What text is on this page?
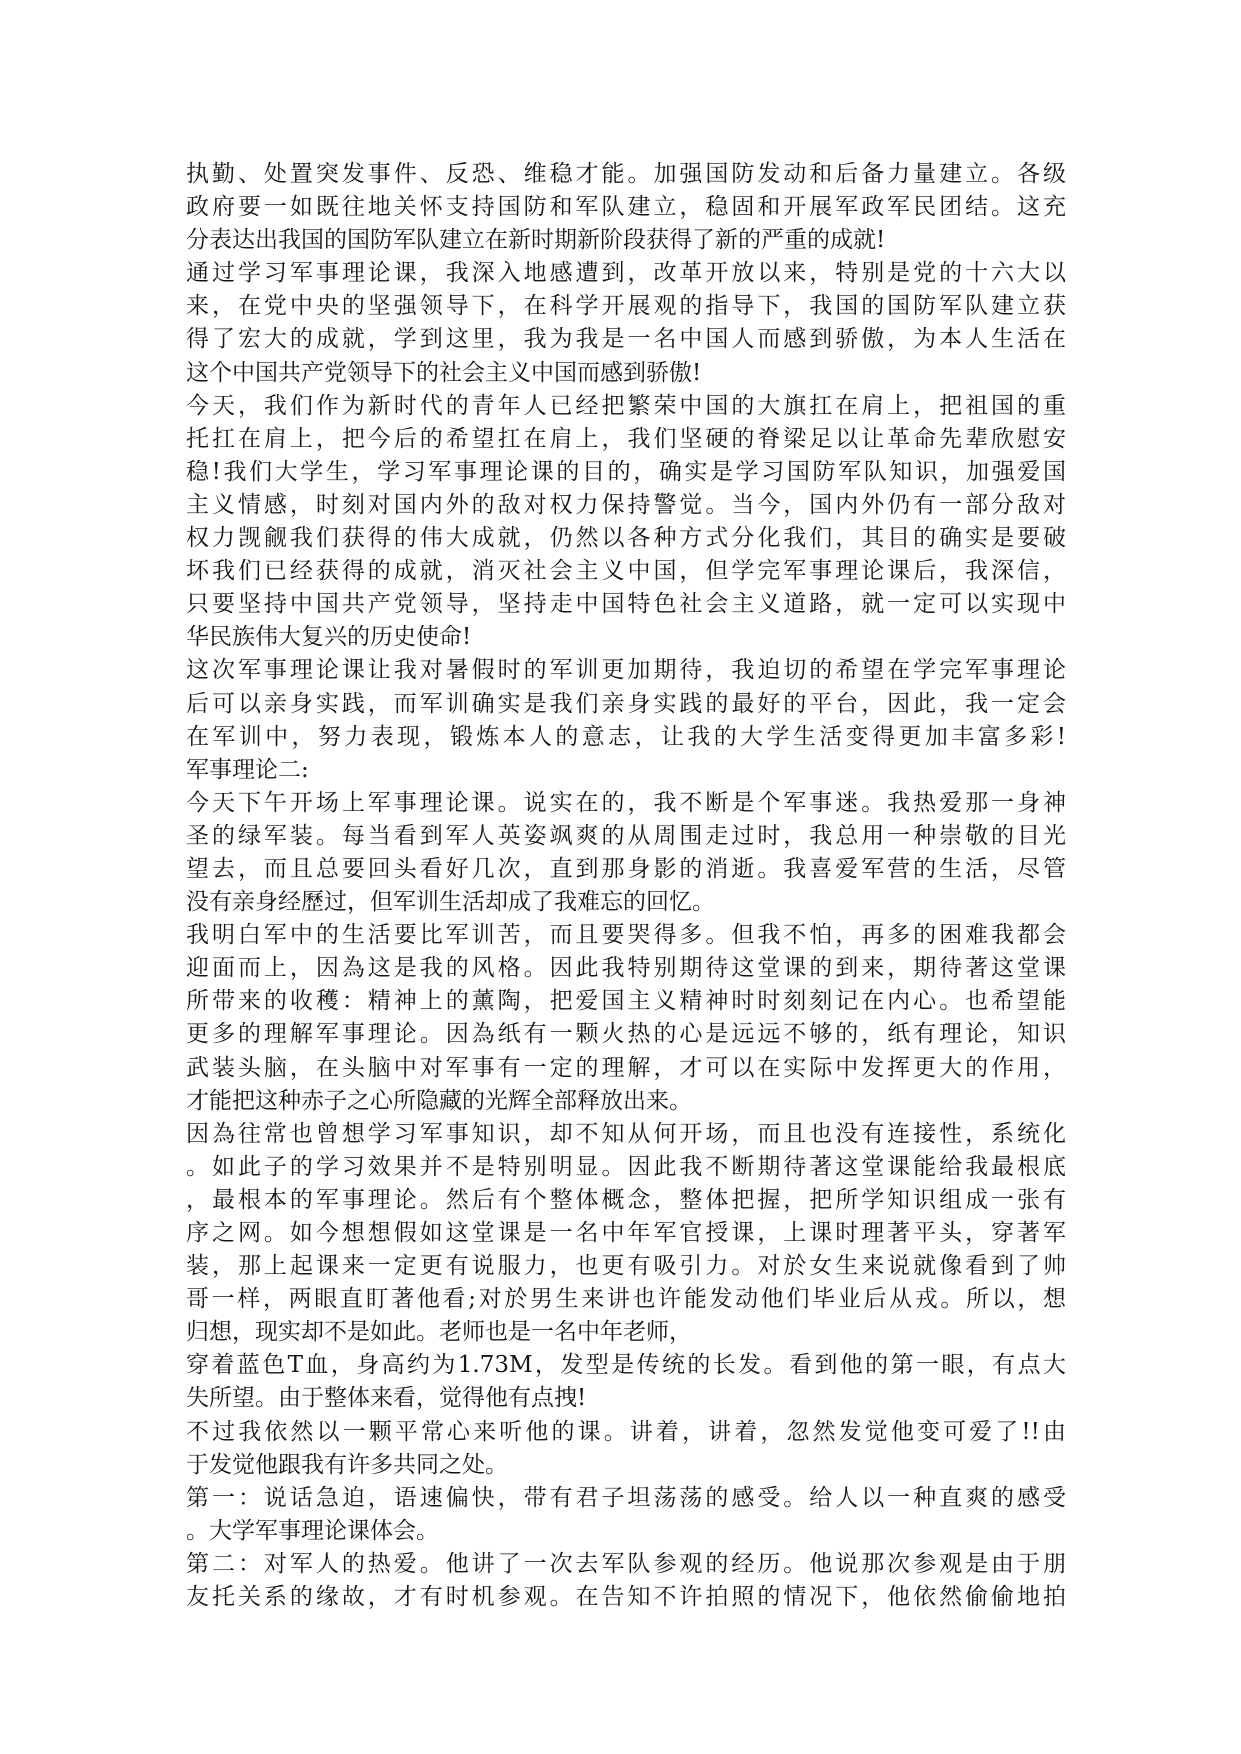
执勤、处置突发事件、反恐、维稳才能。加强国防发动和后备力量建立。各级
政府要一如既往地关怀支持国防和军队建立，稳固和开展军政军民团结。这充
分表达出我国的国防军队建立在新时期新阶段获得了新的严重的成就!
通过学习军事理论课，我深入地感遭到，改革开放以来，特别是党的十六大以
来，在党中央的坚强领导下，在科学开展观的指导下，我国的国防军队建立获
得了宏大的成就，学到这里，我为我是一名中国人而感到骄傲，为本人生活在
这个中国共产党领导下的社会主义中国而感到骄傲!
今天，我们作为新时代的青年人已经把繁荣中国的大旗扛在肩上，把祖国的重
托扛在肩上，把今后的希望扛在肩上，我们坚硬的脊梁足以让革命先辈欣慰安
稳!我们大学生，学习军事理论课的目的，确实是学习国防军队知识，加强爱国
主义情感，时刻对国内外的敌对权力保持警觉。当今，国内外仍有一部分敌对
权力觊觎我们获得的伟大成就，仍然以各种方式分化我们，其目的确实是要破
坏我们已经获得的成就，消灭社会主义中国，但学完军事理论课后，我深信，
只要坚持中国共产党领导，坚持走中国特色社会主义道路，就一定可以实现中
华民族伟大复兴的历史使命!
这次军事理论课让我对暑假时的军训更加期待，我迫切的希望在学完军事理论
后可以亲身实践，而军训确实是我们亲身实践的最好的平台，因此，我一定会
在军训中，努力表现，锻炼本人的意志，让我的大学生活变得更加丰富多彩!
军事理论二:
今天下午开场上军事理论课。说实在的，我不断是个军事迷。我热爱那一身神
圣的绿军装。每当看到军人英姿飒爽的从周围走过时，我总用一种崇敬的目光
望去，而且总要回头看好几次，直到那身影的消逝。我喜爱军营的生活，尽管
没有亲身经歷过，但军训生活却成了我难忘的回忆。
我明白军中的生活要比军训苦，而且要哭得多。但我不怕，再多的困难我都会
迎面而上，因為这是我的风格。因此我特别期待这堂课的到来，期待著这堂课
所带来的收穫：精神上的薰陶，把爱国主义精神时时刻刻记在内心。也希望能
更多的理解军事理论。因為纸有一颗火热的心是远远不够的，纸有理论，知识
武装头脑，在头脑中对军事有一定的理解，才可以在实际中发挥更大的作用，
才能把这种赤子之心所隐藏的光辉全部释放出来。
因為往常也曾想学习军事知识，却不知从何开场，而且也没有连接性，系统化
。如此子的学习效果并不是特别明显。因此我不断期待著这堂课能给我最根底
，最根本的军事理论。然后有个整体概念，整体把握，把所学知识组成一张有
序之网。如今想想假如这堂课是一名中年军官授课，上课时理著平头，穿著军
装，那上起课来一定更有说服力，也更有吸引力。对於女生来说就像看到了帅
哥一样，两眼直盯著他看;对於男生来讲也许能发动他们毕业后从戎。所以，想
归想，现实却不是如此。老师也是一名中年老师，
穿着蓝色T血，身高约为1.73M，发型是传统的长发。看到他的第一眼，有点大
失所望。由于整体来看，觉得他有点拽!
不过我依然以一颗平常心来听他的课。讲着，讲着，忽然发觉他变可爱了!!由
于发觉他跟我有许多共同之处。
第一：说话急迫，语速偏快，带有君子坦荡荡的感受。给人以一种直爽的感受
。大学军事理论课体会。
第二：对军人的热爱。他讲了一次去军队参观的经历。他说那次参观是由于朋
友托关系的缘故，才有时机参观。在告知不许拍照的情况下，他依然偷偷地拍
